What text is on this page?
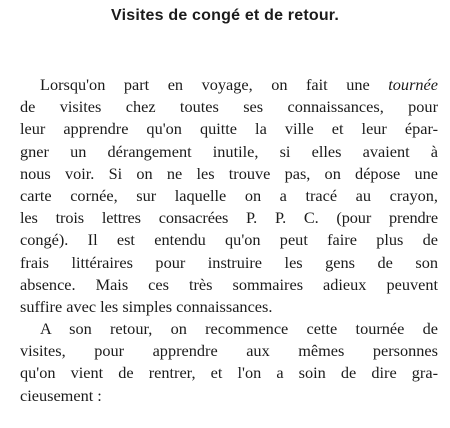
Visites de congé et de retour.
Lorsqu'on part en voyage, on fait une tournée
de visites chez toutes ses connaissances, pour
leur apprendre qu'on quitte la ville et leur épar-
gner un dérangement inutile, si elles avaient à
nous voir. Si on ne les trouve pas, on dépose une
carte cornée, sur laquelle on a tracé au crayon,
les trois lettres consacrées P. P. C. (pour prendre
congé). Il est entendu qu'on peut faire plus de
frais littéraires pour instruire les gens de son
absence. Mais ces très sommaires adieux peuvent
suffire avec les simples connaissances.
A son retour, on recommence cette tournée de
visites, pour apprendre aux mêmes personnes
qu'on vient de rentrer, et l'on a soin de dire gra-
cieusement :
